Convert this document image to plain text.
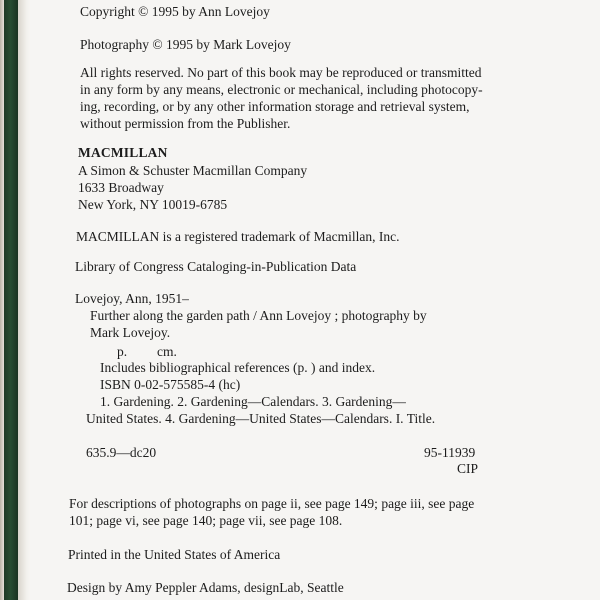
Copyright © 1995 by Ann Lovejoy

Photography © 1995 by Mark Lovejoy

All rights reserved. No part of this book may be reproduced or transmitted

in any form by any means, electronic or mechanical, including photocopy-

ing, recording, or by any other information storage and retrieval system,

without permission from the Publisher.

MACMILLAN

A Simon & Schuster Macmillan Company

1633 Broadway

New York, NY 10019-6785

MACMILLAN is a registered trademark of Macmillan, Inc.

Library of Congress Cataloging-in-Publication Data

Lovejoy, Ann, 1951–

Further along the garden path / Ann Lovejoy ; photography by

Mark Lovejoy.

p. cm.

Includes bibliographical references (p. ) and index.

ISBN 0-02-575585-4 (hc)

1. Gardening. 2. Gardening—Calendars. 3. Gardening—

United States. 4. Gardening—United States—Calendars. I. Title.

635.9—dc20	95-11939

CIP

For descriptions of photographs on page ii, see page 149; page iii, see page

101; page vi, see page 140; page vii, see page 108.

Printed in the United States of America

Design by Amy Peppler Adams, designLab, Seattle
